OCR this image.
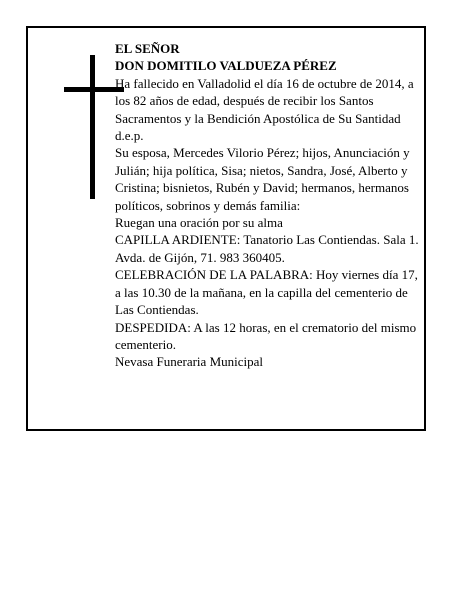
EL SEÑOR

DON DOMITILO VALDUEZA PÉREZ

Ha fallecido en Valladolid el día 16 de octubre de 2014, a los 82 años de edad, después de recibir los Santos Sacramentos y la Bendición Apostólica de Su Santidad d.e.p.

Su esposa, Mercedes Vilorio Pérez; hijos, Anunciación y Julián; hija política, Sisa; nietos, Sandra, José, Alberto y Cristina; bisnietos, Rubén y David; hermanos, hermanos políticos, sobrinos y demás familia:

Ruegan una oración por su alma

CAPILLA ARDIENTE: Tanatorio Las Contiendas. Sala 1. Avda. de Gijón, 71. 983 360405.

CELEBRACIÓN DE LA PALABRA: Hoy viernes día 17, a las 10.30 de la mañana, en la capilla del cementerio de Las Contiendas.

DESPEDIDA: A las 12 horas, en el crematorio del mismo cementerio.

Nevasa Funeraria Municipal
